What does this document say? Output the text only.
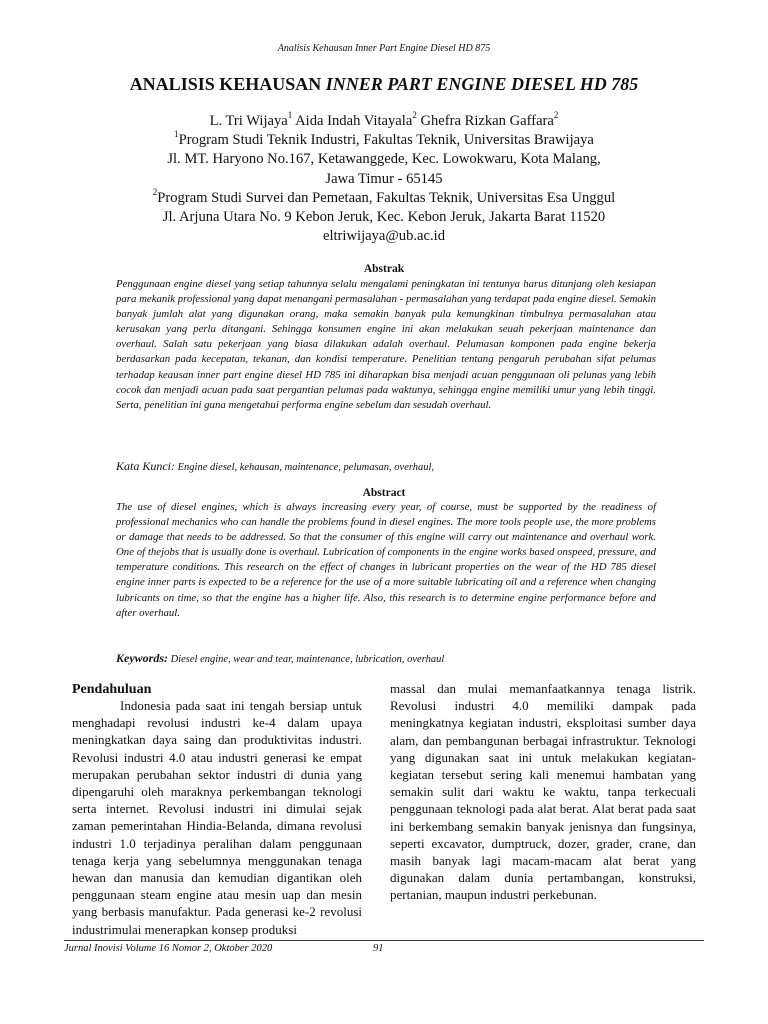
Analisis Kehausan Inner Part Engine Diesel HD 875
ANALISIS KEHAUSAN INNER PART ENGINE DIESEL HD 785
L. Tri Wijaya$^1$ Aida Indah Vitayala$^2$ Ghefra Rizkan Gaffara$^2$
$^1$Program Studi Teknik Industri, Fakultas Teknik, Universitas Brawijaya
Jl. MT. Haryono No.167, Ketawanggede, Kec. Lowokwaru, Kota Malang,
Jawa Timur - 65145
$^2$Program Studi Survei dan Pemetaan, Fakultas Teknik, Universitas Esa Unggul
Jl. Arjuna Utara No. 9 Kebon Jeruk, Kec. Kebon Jeruk, Jakarta Barat 11520
eltriwijaya@ub.ac.id
Abstrak

Penggunaan engine diesel yang setiap tahunnya selalu mengalami peningkatan ini tentunya harus ditunjang oleh kesiapan para mekanik professional yang dapat menangani permasalahan - permasalahan yang terdapat pada engine diesel. Semakin banyak jumlah alat yang digunakan orang, maka semakin banyak pula kemungkinan timbulnya permasalahan atau kerusakan yang perlu ditangani. Sehingga konsumen engine ini akan melakukan seuah pekerjaan maintenance dan overhaul. Salah satu pekerjaan yang biasa dilakukan adalah overhaul. Pelumasan komponen pada engine bekerja berdasarkan pada kecepatan, tekanan, dan kondisi temperature. Penelitian tentang pengaruh perubahan sifat pelumas terhadap keausan inner part engine diesel HD 785 ini diharapkan bisa menjadi acuan penggunaan oli pelunas yang lebih cocok dan menjadi acuan pada saat pergantian pelumas pada waktunya, sehingga engine memiliki umur yang lebih tinggi. Serta, penelitian ini guna mengetahui performa engine sebelum dan sesudah overhaul.

Kata Kunci: Engine diesel, kehausan, maintenance, pelumasan, overhaul,
Abstract

The use of diesel engines, which is always increasing every year, of course, must be supported by the readiness of professional mechanics who can handle the problems found in diesel engines. The more tools people use, the more problems or damage that needs to be addressed. So that the consumer of this engine will carry out maintenance and overhaul work. One of thejobs that is usually done is overhaul. Lubrication of components in the engine works based onspeed, pressure, and temperature conditions. This research on the effect of changes in lubricant properties on the wear of the HD 785 diesel engine inner parts is expected to be a reference for the use of a more suitable lubricating oil and a reference when changing lubricants on time, so that the engine has a higher life. Also, this research is to determine engine performance before and after overhaul.

Keywords: Diesel engine, wear and tear, maintenance, lubrication, overhaul
Pendahuluan

Indonesia pada saat ini tengah bersiap untuk menghadapi revolusi industri ke-4 dalam upaya meningkatkan daya saing dan produktivitas industri. Revolusi industri 4.0 atau industri generasi ke empat merupakan perubahan sektor industri di dunia yang dipengaruhi oleh maraknya perkembangan teknologi serta internet. Revolusi industri ini dimulai sejak zaman pemerintahan Hindia-Belanda, dimana revolusi industri 1.0 terjadinya peralihan dalam penggunaan tenaga kerja yang sebelumnya menggunakan tenaga hewan dan manusia dan kemudian digantikan oleh penggunaan steam engine atau mesin uap dan mesin yang berbasis manufaktur. Pada generasi ke-2 revolusi industrimulai menerapkan konsep produksi

massal dan mulai memanfaatkannya tenaga listrik. Revolusi industri 4.0 memiliki dampak pada meningkatnya kegiatan industri, eksploitasi sumber daya alam, dan pembangunan berbagai infrastruktur. Teknologi yang digunakan saat ini untuk melakukan kegiatan-kegiatan tersebut sering kali menemui hambatan yang semakin sulit dari waktu ke waktu, tanpa terkecuali penggunaan teknologi pada alat berat. Alat berat pada saat ini berkembang semakin banyak jenisnya dan fungsinya, seperti excavator, dumptruck, dozer, grader, crane, dan masih banyak lagi macam-macam alat berat yang digunakan dalam dunia pertambangan, konstruksi, pertanian, maupun industri perkebunan.

Jurnal Inovisi Volume 16 Nomor 2, Oktober 2020	91
